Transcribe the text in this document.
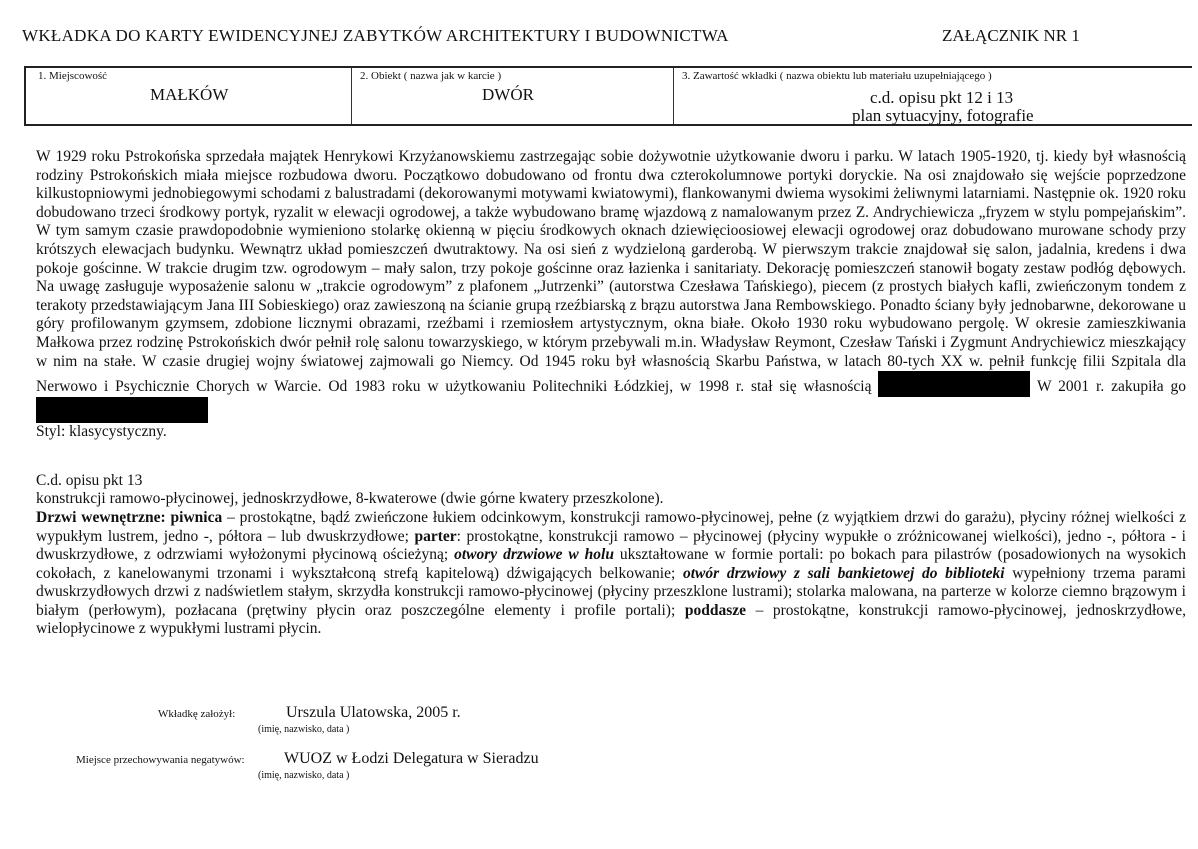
WKŁADKA DO KARTY EWIDENCYJNEJ ZABYTKÓW ARCHITEKTURY I BUDOWNICTWA	ZAŁĄCZNIK NR 1
1. Miejscowość
MAŁKÓW
2. Obiekt ( nazwa jak w karcie )
DWÓR
3. Zawartość wkładki ( nazwa obiektu lub materiału uzupełniającego )
c.d. opisu pkt 12 i 13
plan sytuacyjny, fotografie

W 1929 roku Pstrokońska sprzedała majątek Henrykowi Krzyżanowskiemu zastrzegając sobie dożywotnie użytkowanie dworu i parku. W latach 1905-1920, tj. kiedy był własnością rodziny Pstrokońskich miała miejsce rozbudowa dworu. Początkowo dobudowano od frontu dwa czterokolumnowe portyki doryckie. Na osi znajdowało się wejście poprzedzone kilkustopniowymi jednobiegowymi schodami z balustradami (dekorowanymi motywami kwiatowymi), flankowanymi dwiema wysokimi żeliwnymi latarniami. Następnie ok. 1920 roku dobudowano trzeci środkowy portyk, ryzalit w elewacji ogrodowej, a także wybudowano bramę wjazdową z namalowanym przez Z. Andrychiewicza „fryzem w stylu pompejańskim”. W tym samym czasie prawdopodobnie wymieniono stolarkę okienną w pięciu środkowych oknach dziewięcioosiowej elewacji ogrodowej oraz dobudowano murowane schody przy krótszych elewacjach budynku. Wewnątrz układ pomieszczeń dwutraktowy. Na osi sień z wydzieloną garderobą. W pierwszym trakcie znajdował się salon, jadalnia, kredens i dwa pokoje gościnne. W trakcie drugim tzw. ogrodowym – mały salon, trzy pokoje gościnne oraz łazienka i sanitariaty. Dekorację pomieszczeń stanowił bogaty zestaw podłóg dębowych. Na uwagę zasługuje wyposażenie salonu w „trakcie ogrodowym” z plafonem „Jutrzenki” (autorstwa Czesława Tańskiego), piecem (z prostych białych kafli, zwieńczonym tondem z terakoty przedstawiającym Jana III Sobieskiego) oraz zawieszoną na ścianie grupą rzeźbiarską z brązu autorstwa Jana Rembowskiego. Ponadto ściany były jednobarwne, dekorowane u góry profilowanym gzymsem, zdobione licznymi obrazami, rzeźbami i rzemiosłem artystycznym, okna białe. Około 1930 roku wybudowano pergolę. W okresie zamieszkiwania Małkowa przez rodzinę Pstrokońskich dwór pełnił rolę salonu towarzyskiego, w którym przebywali m.in. Władysław Reymont, Czesław Tański i Zygmunt Andrychiewicz mieszkający w nim na stałe. W czasie drugiej wojny światowej zajmowali go Niemcy. Od 1945 roku był własnością Skarbu Państwa, w latach 80-tych XX w. pełnił funkcję filii Szpitala dla Nerwowo i Psychicznie Chorych w Warcie. Od 1983 roku w użytkowaniu Politechniki Łódzkiej, w 1998 r. stał się własnością	W 2001 r. zakupiła go

Styl: klasycystyczny.

C.d. opisu pkt 13

konstrukcji ramowo-płycinowej, jednoskrzydłowe, 8-kwaterowe (dwie górne kwatery przeszkolone).

Drzwi wewnętrzne: piwnica – prostokątne, bądź zwieńczone łukiem odcinkowym, konstrukcji ramowo-płycinowej, pełne (z wyjątkiem drzwi do garażu), płyciny różnej wielkości z wypukłym lustrem, jedno -, półtora – lub dwuskrzydłowe; parter: prostokątne, konstrukcji ramowo – płycinowej (płyciny wypukłe o zróżnicowanej wielkości), jedno -, półtora - i dwuskrzydłowe, z odrzwiami wyłożonymi płycinową ościeżyną; otwory drzwiowe w holu ukształtowane w formie portali: po bokach para pilastrów (posadowionych na wysokich cokołach, z kanelowanymi trzonami i wykształconą strefą kapitelową) dźwigających belkowanie; otwór drzwiowy z sali bankietowej do biblioteki wypełniony trzema parami dwuskrzydłowych drzwi z nadświetlem stałym, skrzydła konstrukcji ramowo-płycinowej (płyciny przeszklone lustrami); stolarka malowana, na parterze w kolorze ciemno brązowym i białym (perłowym), pozłacana (prętwiny płycin oraz poszczególne elementy i profile portali); poddasze – prostokątne, konstrukcji ramowo-płycinowej, jednoskrzydłowe, wielopłycinowe z wypukłymi lustrami płycin.

Wkładkę założył:	Urszula Ulatowska, 2005 r.
(imię, nazwisko, data )
Miejsce przechowywania negatywów: WUOZ w Łodzi Delegatura w Sieradzu
(imię, nazwisko, data )
